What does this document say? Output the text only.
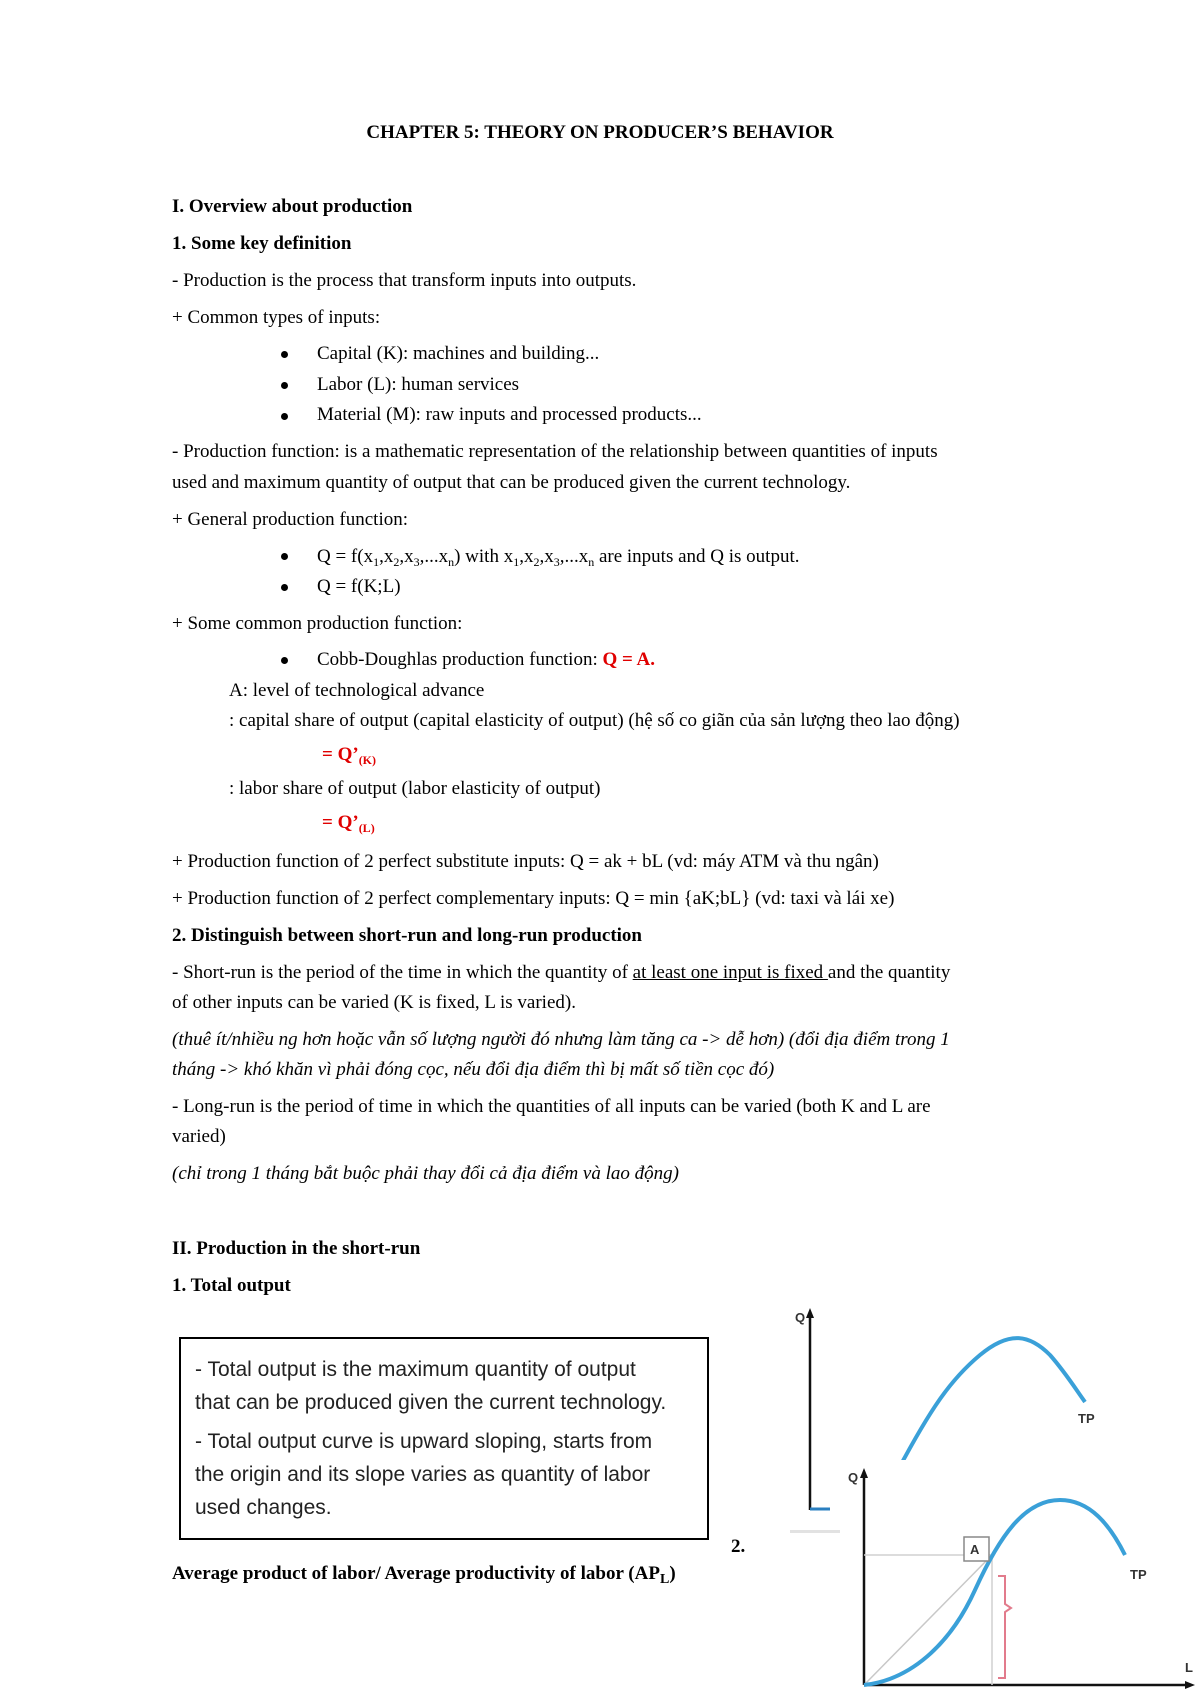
CHAPTER 5: THEORY ON PRODUCER’S BEHAVIOR
I. Overview about production
1. Some key definition
- Production is the process that transform inputs into outputs.
+ Common types of inputs:
Capital (K): machines and building...
Labor (L): human services
Material (M): raw inputs and processed products...
- Production function: is a mathematic representation of the relationship between quantities of inputs
used and maximum quantity of output that can be produced given the current technology.
+ General production function:
$Q = f(x_1,x_2,x_3,...x_n)$ with $x_1,x_2,x_3,...x_n$ are inputs and Q is output.
Q = f(K;L)
+ Some common production function:
Cobb-Doughlas production function: Q = A.
A: level of technological advance
: capital share of output (capital elasticity of output) (hệ số co giãn của sản lượng theo lao động)
= $Q’_{(K)}$
: labor share of output (labor elasticity of output)
= $Q’_{(L)}$
+ Production function of 2 perfect substitute inputs: Q = ak + bL (vd: máy ATM và thu ngân)
+ Production function of 2 perfect complementary inputs: Q = min {aK;bL} (vd: taxi và lái xe)
2. Distinguish between short-run and long-run production
- Short-run is the period of the time in which the quantity of at least one input is fixed and the quantity
of other inputs can be varied (K is fixed, L is varied).
(thuê ít/nhiều ng hơn hoặc vẫn số lượng người đó nhưng làm tăng ca -> dễ hơn) (đổi địa điểm trong 1
tháng -> khó khăn vì phải đóng cọc, nếu đổi địa điểm thì bị mất số tiền cọc đó)
- Long-run is the period of time in which the quantities of all inputs can be varied (both K and L are
varied)
(chỉ trong 1 tháng bắt buộc phải thay đổi cả địa điểm và lao động)
II. Production in the short-run
1. Total output

- Total output is the maximum quantity of output

that can be produced given the current technology.

- Total output curve is upward sloping, starts from

the origin and its slope varies as quantity of labor

used changes.

2.
Average product of labor/ Average productivity of labor $(AP_L)$
Q
TP
Q
L
TP
A
